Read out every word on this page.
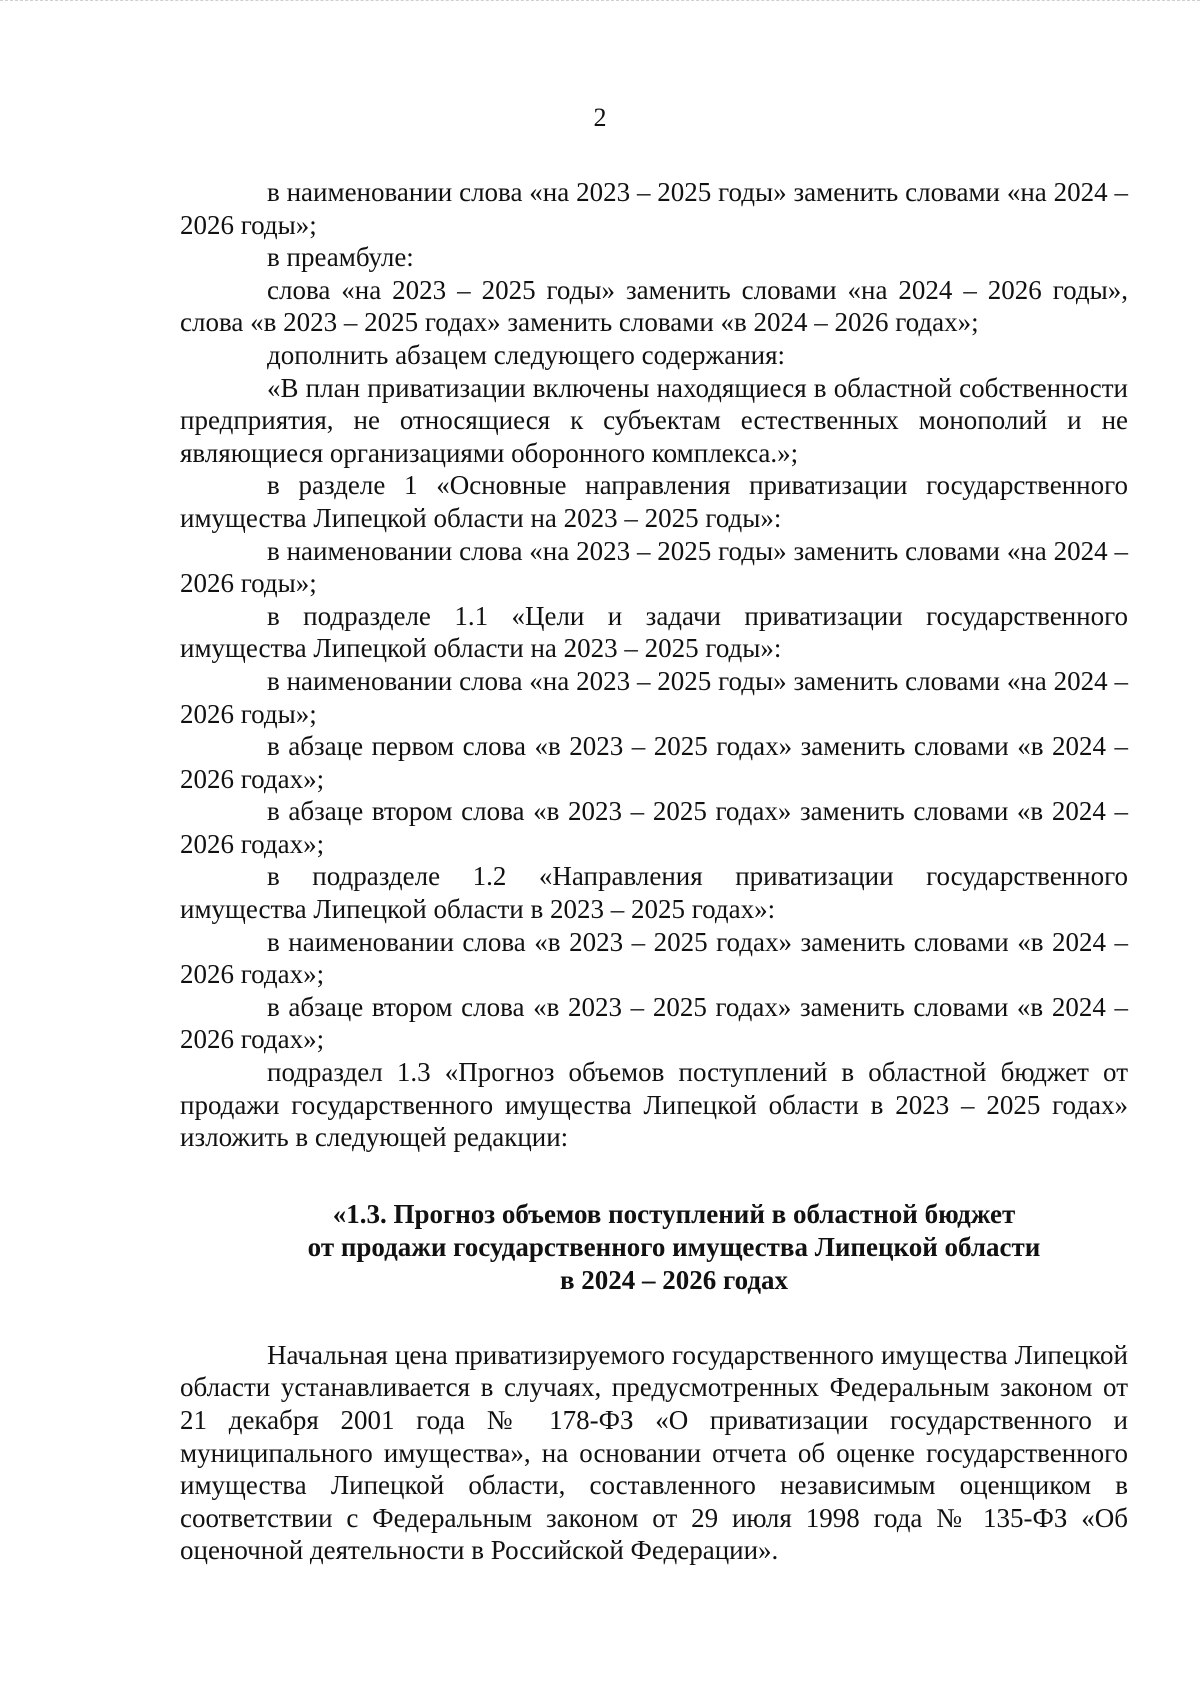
2

в наименовании слова «на 2023 – 2025 годы» заменить словами «на 2024 – 2026 годы»;

в преамбуле:

слова «на 2023 – 2025 годы» заменить словами «на 2024 – 2026 годы», слова «в 2023 – 2025 годах» заменить словами «в 2024 – 2026 годах»;

дополнить абзацем следующего содержания:

«В план приватизации включены находящиеся в областной собственности предприятия, не относящиеся к субъектам естественных монополий и не являющиеся организациями оборонного комплекса.»;

в разделе 1 «Основные направления приватизации государственного имущества Липецкой области на 2023 – 2025 годы»:

в наименовании слова «на 2023 – 2025 годы» заменить словами «на 2024 – 2026 годы»;

в подразделе 1.1 «Цели и задачи приватизации государственного имущества Липецкой области на 2023 – 2025 годы»:

в наименовании слова «на 2023 – 2025 годы» заменить словами «на 2024 – 2026 годы»;

в абзаце первом слова «в 2023 – 2025 годах» заменить словами «в 2024 – 2026 годах»;

в абзаце втором слова «в 2023 – 2025 годах» заменить словами «в 2024 – 2026 годах»;

в подразделе 1.2 «Направления приватизации государственного имущества Липецкой области в 2023 – 2025 годах»:

в наименовании слова «в 2023 – 2025 годах» заменить словами «в 2024 – 2026 годах»;

в абзаце втором слова «в 2023 – 2025 годах» заменить словами «в 2024 – 2026 годах»;

подраздел 1.3 «Прогноз объемов поступлений в областной бюджет от продажи государственного имущества Липецкой области в 2023 – 2025 годах» изложить в следующей редакции:

«1.3. Прогноз объемов поступлений в областной бюджет
от продажи государственного имущества Липецкой области
в 2024 – 2026 годах

Начальная цена приватизируемого государственного имущества Липецкой области устанавливается в случаях, предусмотренных Федеральным законом от 21 декабря 2001 года № 178-ФЗ «О приватизации государственного и муниципального имущества», на основании отчета об оценке государственного имущества Липецкой области, составленного независимым оценщиком в соответствии с Федеральным законом от 29 июля 1998 года № 135-ФЗ «Об оценочной деятельности в Российской Федерации».
